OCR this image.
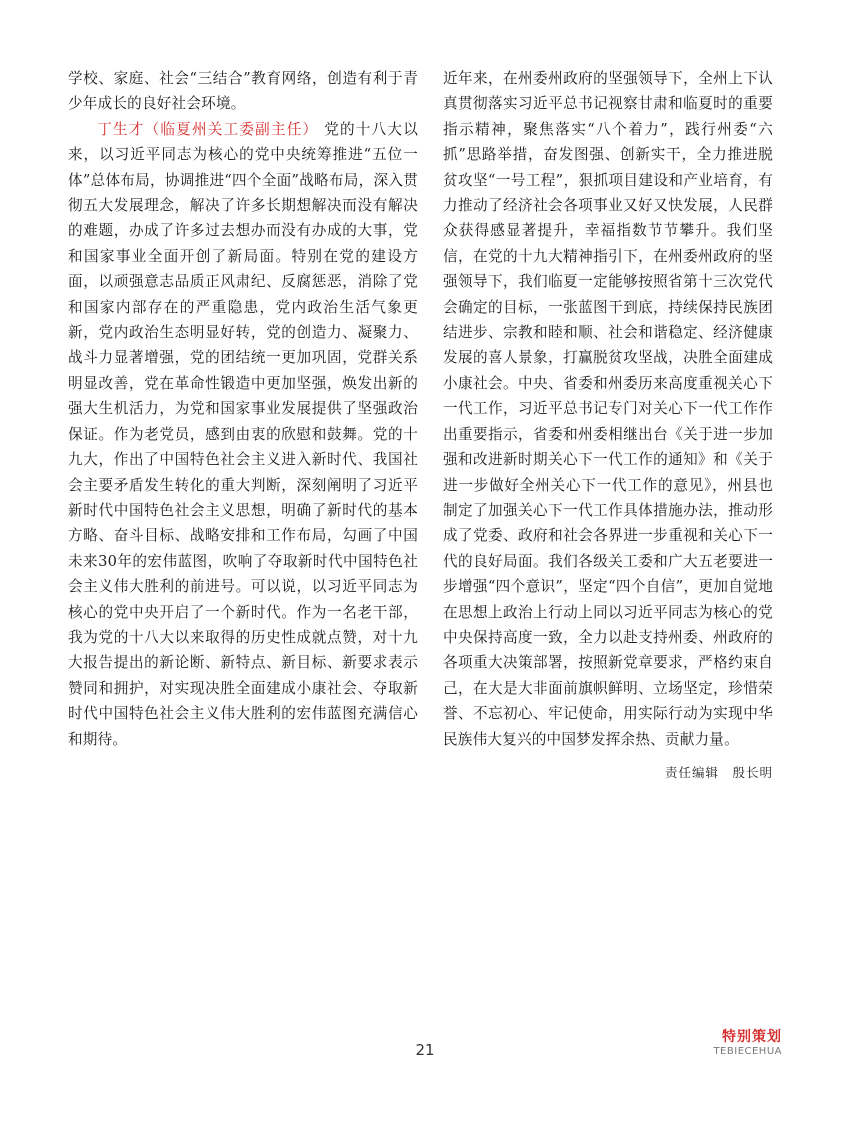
学校、家庭、社会“三结合”教育网络，创造有利于青少年成长的良好社会环境。

丁生才（临夏州关工委副主任） 党的十八大以来，以习近平同志为核心的党中央统筹推进“五位一体”总体布局，协调推进“四个全面”战略布局，深入贯彻五大发展理念，解决了许多长期想解决而没有解决的难题，办成了许多过去想办而没有办成的大事，党和国家事业全面开创了新局面。特别在党的建设方面，以顽强意志品质正风肃纪、反腐惩恶，消除了党和国家内部存在的严重隐患，党内政治生活气象更新，党内政治生态明显好转，党的创造力、凝聚力、战斗力显著增强，党的团结统一更加巩固，党群关系明显改善，党在革命性锻造中更加坚强，焕发出新的强大生机活力，为党和国家事业发展提供了坚强政治保证。作为老党员，感到由衷的欣慰和鼓舞。党的十九大，作出了中国特色社会主义进入新时代、我国社会主要矛盾发生转化的重大判断，深刻阐明了习近平新时代中国特色社会主义思想，明确了新时代的基本方略、奋斗目标、战略安排和工作布局，勾画了中国未来30年的宏伟蓝图，吹响了夺取新时代中国特色社会主义伟大胜利的前进号。可以说，以习近平同志为核心的党中央开启了一个新时代。作为一名老干部，我为党的十八大以来取得的历史性成就点赞，对十九大报告提出的新论断、新特点、新目标、新要求表示赞同和拥护，对实现决胜全面建成小康社会、夺取新时代中国特色社会主义伟大胜利的宏伟蓝图充满信心和期待。

近年来，在州委州政府的坚强领导下，全州上下认真贯彻落实习近平总书记视察甘肃和临夏时的重要指示精神，聚焦落实“八个着力”，践行州委“六抓”思路举措，奋发图强、创新实干，全力推进脱贫攻坚“一号工程”，狠抓项目建设和产业培育，有力推动了经济社会各项事业又好又快发展，人民群众获得感显著提升，幸福指数节节攀升。我们坚信，在党的十九大精神指引下，在州委州政府的坚强领导下，我们临夏一定能够按照省第十三次党代会确定的目标，一张蓝图干到底，持续保持民族团结进步、宗教和睦和顺、社会和谐稳定、经济健康发展的喜人景象，打赢脱贫攻坚战，决胜全面建成小康社会。中央、省委和州委历来高度重视关心下一代工作，习近平总书记专门对关心下一代工作作出重要指示，省委和州委相继出台《关于进一步加强和改进新时期关心下一代工作的通知》和《关于进一步做好全州关心下一代工作的意见》，州县也制定了加强关心下一代工作具体措施办法，推动形成了党委、政府和社会各界进一步重视和关心下一代的良好局面。我们各级关工委和广大五老要进一步增强“四个意识”，坚定“四个自信”，更加自觉地在思想上政治上行动上同以习近平同志为核心的党中央保持高度一致，全力以赴支持州委、州政府的各项重大决策部署，按照新党章要求，严格约束自己，在大是大非面前旗帜鲜明、立场坚定，珍惜荣誉、不忘初心、牢记使命，用实际行动为实现中华民族伟大复兴的中国梦发挥余热、贡献力量。

责任编辑　殷长明
21
特别策划
TEBIECEHUA
